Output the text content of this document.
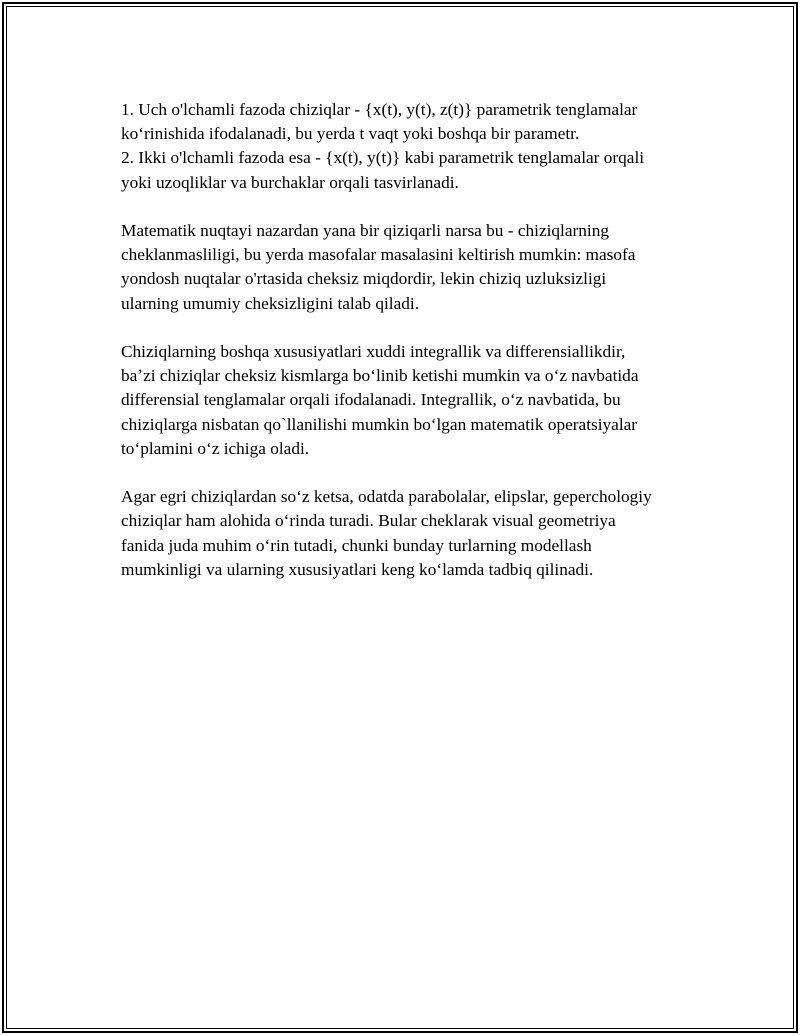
1. Uch o'lchamli fazoda chiziqlar - {x(t), y(t), z(t)} parametrik tenglamalar
koʻrinishida ifodalanadi, bu yerda t vaqt yoki boshqa bir parametr.
2. Ikki o'lchamli fazoda esa - {x(t), y(t)} kabi parametrik tenglamalar orqali
yoki uzoqliklar va burchaklar orqali tasvirlanadi.
Matematik nuqtayi nazardan yana bir qiziqarli narsa bu - chiziqlarning
cheklanmasliligi, bu yerda masofalar masalasini keltirish mumkin: masofa
yondosh nuqtalar o'rtasida cheksiz miqdordir, lekin chiziq uzluksizligi
ularning umumiy cheksizligini talab qiladi.
Chiziqlarning boshqa xususiyatlari xuddi integrallik va differensiallikdir,
baʼzi chiziqlar cheksiz kismlarga boʻlinib ketishi mumkin va oʻz navbatida
differensial tenglamalar orqali ifodalanadi. Integrallik, oʻz navbatida, bu
chiziqlarga nisbatan qo`llanilishi mumkin boʻlgan matematik operatsiyalar
toʻplamini oʻz ichiga oladi.
Agar egri chiziqlardan soʻz ketsa, odatda parabolalar, elipslar, geperchologiy
chiziqlar ham alohida oʻrinda turadi. Bular cheklarak visual geometriya
fanida juda muhim oʻrin tutadi, chunki bunday turlarning modellash
mumkinligi va ularning xususiyatlari keng koʻlamda tadbiq qilinadi.
